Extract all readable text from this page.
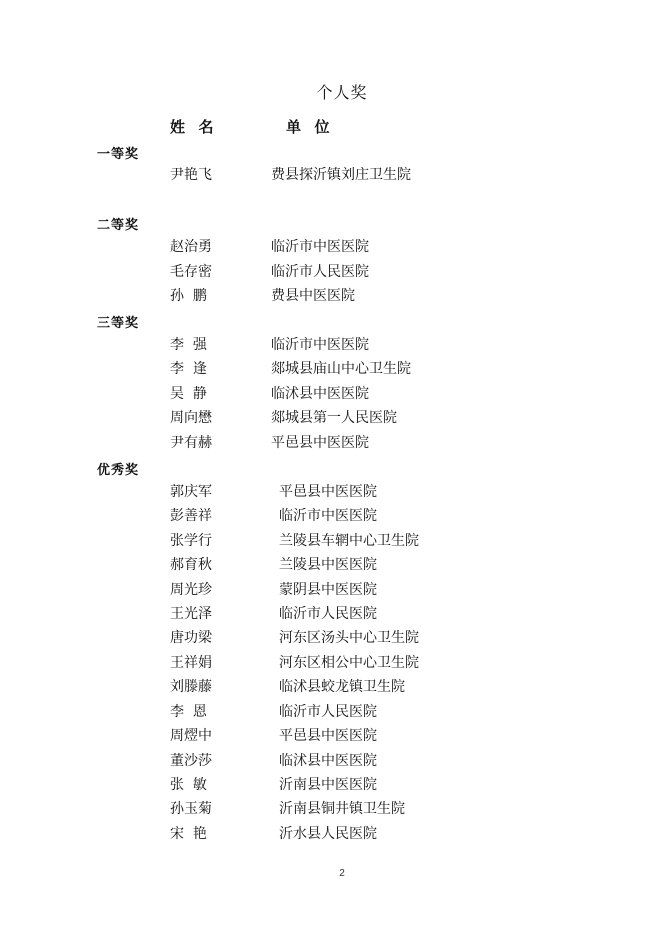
个人奖
姓  名	单  位
一等奖
尹艳飞	费县探沂镇刘庄卫生院
二等奖
赵治勇	临沂市中医医院
毛存密	临沂市人民医院
孙  鹏	费县中医医院
三等奖
李  强	临沂市中医医院
李  逢	郯城县庙山中心卫生院
吴  静	临沭县中医医院
周向懋	郯城县第一人民医院
尹有赫	平邑县中医医院
优秀奖
郭庆军	平邑县中医医院
彭善祥	临沂市中医医院
张学行	兰陵县车辋中心卫生院
郝育秋	兰陵县中医医院
周光珍	蒙阴县中医医院
王光泽	临沂市人民医院
唐功梁	河东区汤头中心卫生院
王祥娟	河东区相公中心卫生院
刘滕藤	临沭县蛟龙镇卫生院
李  恩	临沂市人民医院
周熤中	平邑县中医医院
董沙莎	临沭县中医医院
张  敏	沂南县中医医院
孙玉菊	沂南县铜井镇卫生院
宋  艳	沂水县人民医院
2
